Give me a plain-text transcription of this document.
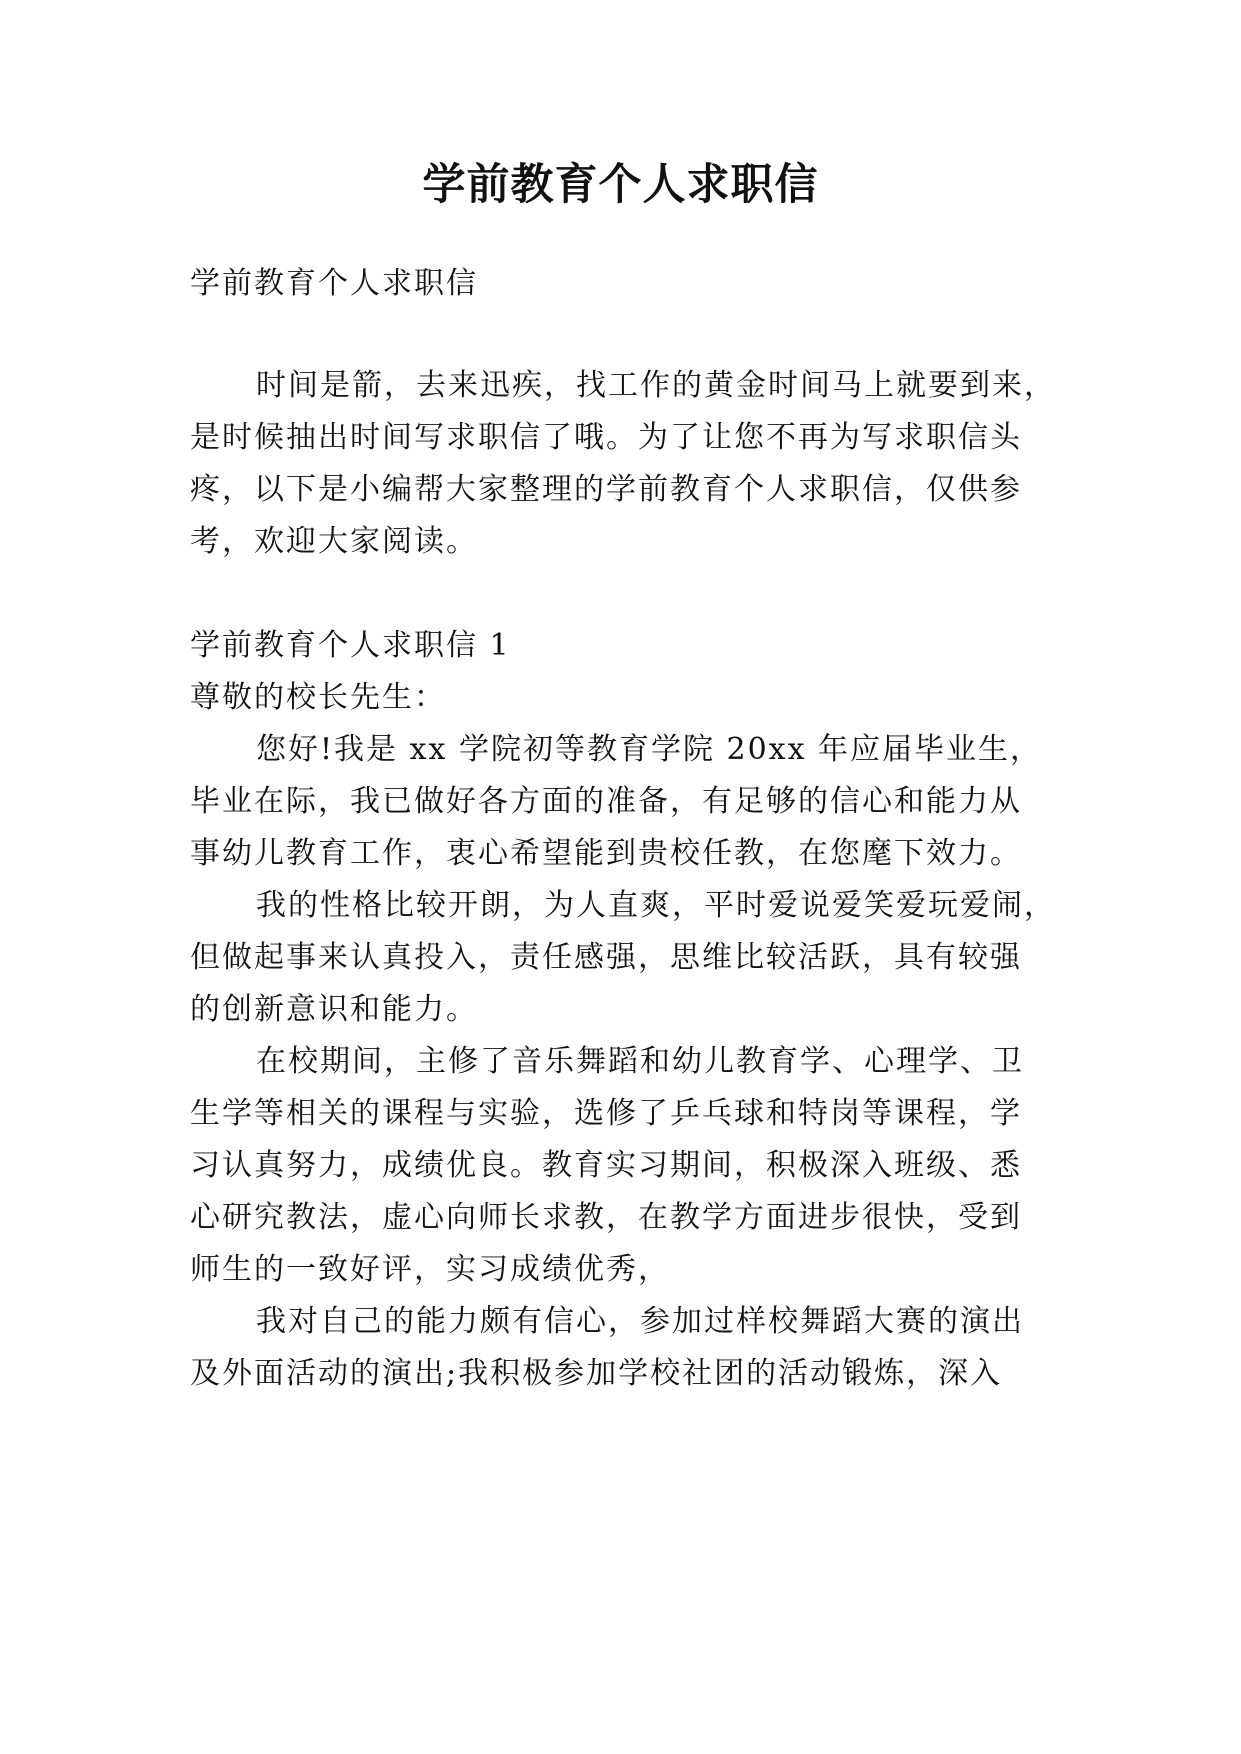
学前教育个人求职信

学前教育个人求职信

时间是箭，去来迅疾，找工作的黄金时间马上就要到来，

是时候抽出时间写求职信了哦。为了让您不再为写求职信头

疼，以下是小编帮大家整理的学前教育个人求职信，仅供参

考，欢迎大家阅读。

学前教育个人求职信 1

尊敬的校长先生：

您好!我是 xx 学院初等教育学院 20xx 年应届毕业生，

毕业在际，我已做好各方面的准备，有足够的信心和能力从

事幼儿教育工作，衷心希望能到贵校任教，在您麾下效力。

我的性格比较开朗，为人直爽，平时爱说爱笑爱玩爱闹，

但做起事来认真投入，责任感强，思维比较活跃，具有较强

的创新意识和能力。

在校期间，主修了音乐舞蹈和幼儿教育学、心理学、卫

生学等相关的课程与实验，选修了乒乓球和特岗等课程，学

习认真努力，成绩优良。教育实习期间，积极深入班级、悉

心研究教法，虚心向师长求教，在教学方面进步很快，受到

师生的一致好评，实习成绩优秀，

我对自己的能力颇有信心，参加过样校舞蹈大赛的演出

及外面活动的演出;我积极参加学校社团的活动锻炼，深入
